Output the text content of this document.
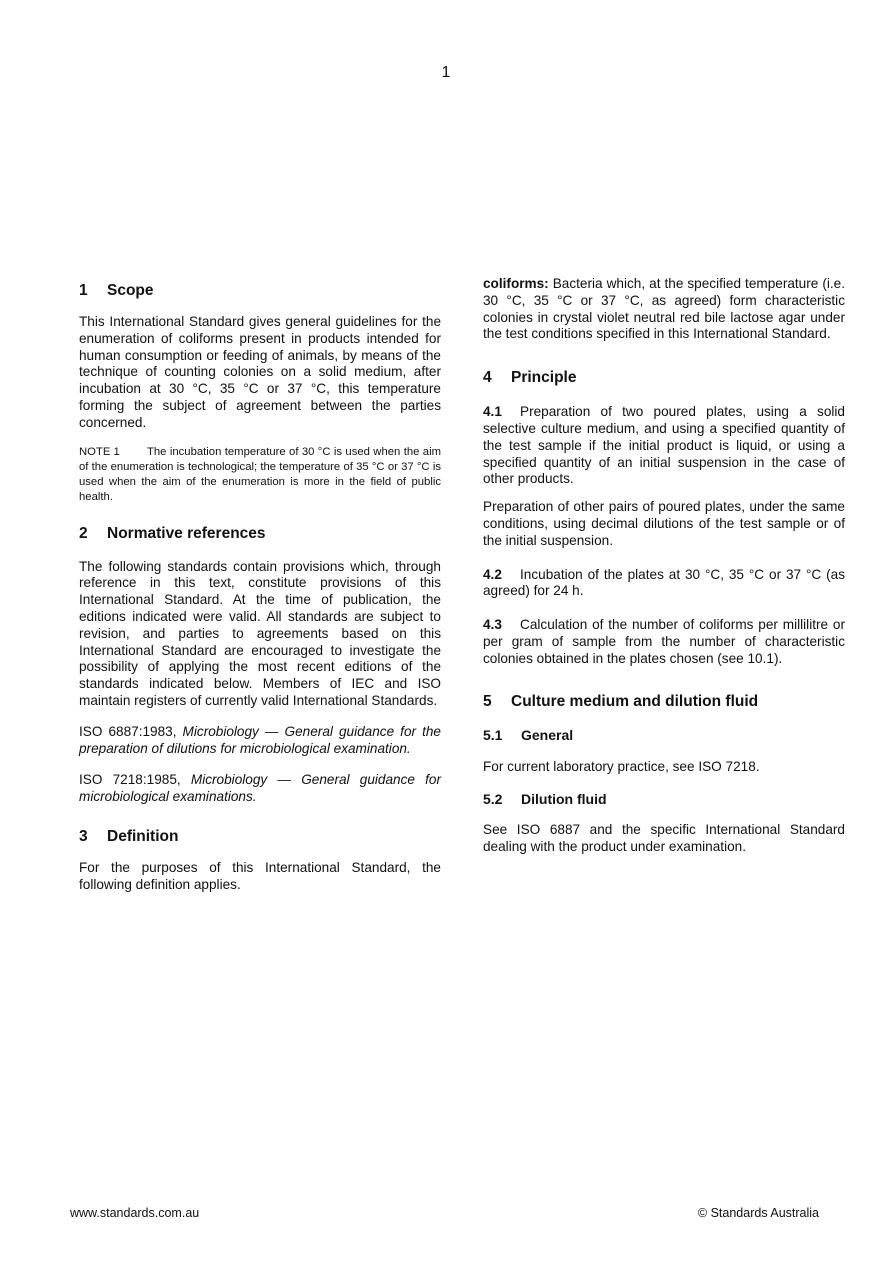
1
1 Scope

This International Standard gives general guidelines for the enumeration of coliforms present in products intended for human consumption or feeding of animals, by means of the technique of counting colonies on a solid medium, after incubation at 30 °C, 35 °C or 37 °C, this temperature forming the subject of agreement between the parties concerned.

NOTE 1 The incubation temperature of 30 °C is used when the aim of the enumeration is technological; the temperature of 35 °C or 37 °C is used when the aim of the enumeration is more in the field of public health.

2 Normative references

The following standards contain provisions which, through reference in this text, constitute provisions of this International Standard. At the time of publication, the editions indicated were valid. All standards are subject to revision, and parties to agreements based on this International Standard are encouraged to investigate the possibility of applying the most recent editions of the standards indicated below. Members of IEC and ISO maintain registers of currently valid International Standards.

ISO 6887:1983, Microbiology — General guidance for the preparation of dilutions for microbiological examination.

ISO 7218:1985, Microbiology — General guidance for microbiological examinations.

3 Definition

For the purposes of this International Standard, the following definition applies.

coliforms: Bacteria which, at the specified temperature (i.e. 30 °C, 35 °C or 37 °C, as agreed) form characteristic colonies in crystal violet neutral red bile lactose agar under the test conditions specified in this International Standard.

4 Principle

4.1 Preparation of two poured plates, using a solid selective culture medium, and using a specified quantity of the test sample if the initial product is liquid, or using a specified quantity of an initial suspension in the case of other products.

Preparation of other pairs of poured plates, under the same conditions, using decimal dilutions of the test sample or of the initial suspension.

4.2 Incubation of the plates at 30 °C, 35 °C or 37 °C (as agreed) for 24 h.

4.3 Calculation of the number of coliforms per millilitre or per gram of sample from the number of characteristic colonies obtained in the plates chosen (see 10.1).

5 Culture medium and dilution fluid
5.1 General

For current laboratory practice, see ISO 7218.

5.2 Dilution fluid

See ISO 6887 and the specific International Standard dealing with the product under examination.

www.standards.com.au	© Standards Australia
